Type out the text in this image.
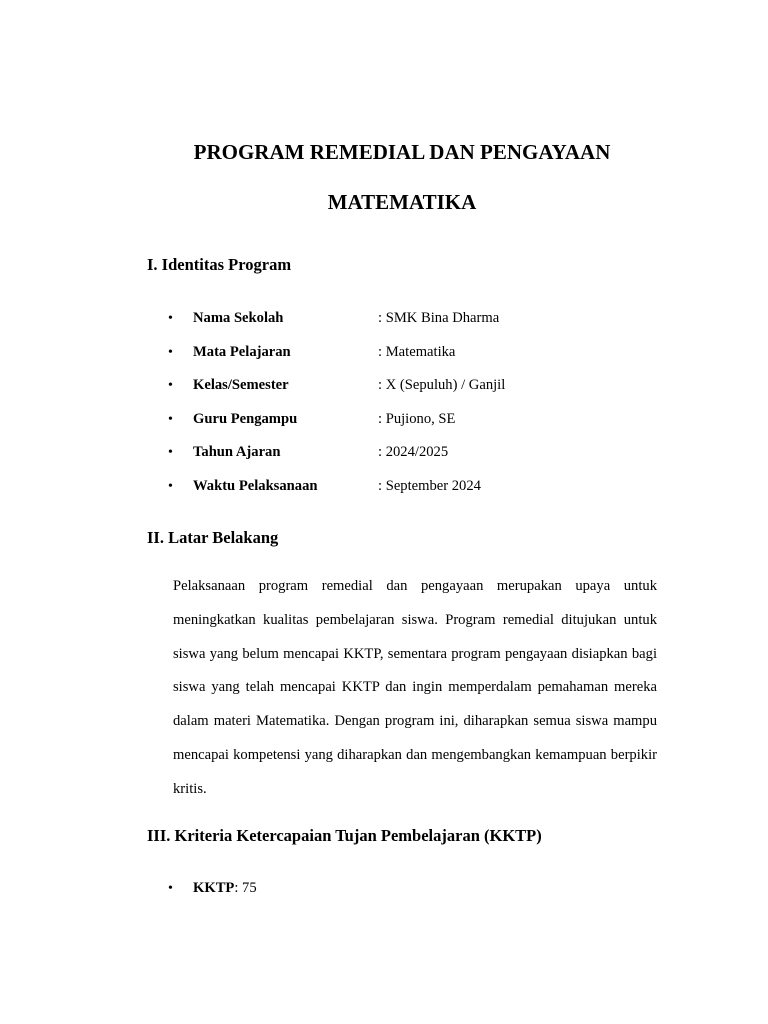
PROGRAM REMEDIAL DAN PENGAYAAN
MATEMATIKA
I. Identitas Program
•	Nama Sekolah	: SMK Bina Dharma
•	Mata Pelajaran	: Matematika
•	Kelas/Semester	: X (Sepuluh) / Ganjil
•	Guru Pengampu	: Pujiono, SE
•	Tahun Ajaran	: 2024/2025
•	Waktu Pelaksanaan	: September 2024
II. Latar Belakang

Pelaksanaan program remedial dan pengayaan merupakan upaya untuk meningkatkan kualitas pembelajaran siswa. Program remedial ditujukan untuk siswa yang belum mencapai KKTP, sementara program pengayaan disiapkan bagi siswa yang telah mencapai KKTP dan ingin memperdalam pemahaman mereka dalam materi Matematika. Dengan program ini, diharapkan semua siswa mampu mencapai kompetensi yang diharapkan dan mengembangkan kemampuan berpikir kritis.

III. Kriteria Ketercapaian Tujan Pembelajaran (KKTP)
•	KKTP : 75
